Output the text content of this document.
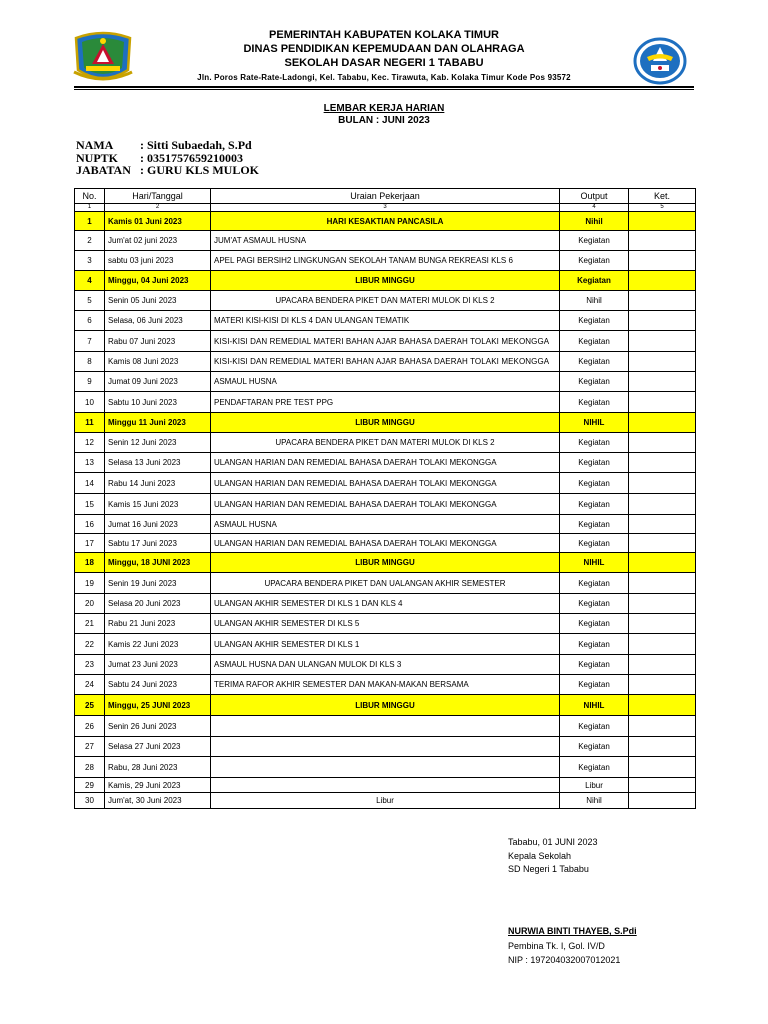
PEMERINTAH KABUPATEN KOLAKA TIMUR
DINAS PENDIDIKAN KEPEMUDAAN DAN OLAHRAGA
SEKOLAH DASAR NEGERI 1 TABABU
Jln. Poros Rate-Rate-Ladongi, Kel. Tababu, Kec. Tirawuta, Kab. Kolaka Timur Kode Pos 93572
LEMBAR KERJA HARIAN
BULAN : JUNI 2023
NAMA	: Sitti Subaedah, S.Pd
NUPTK	: 0351757659210003
JABATAN : GURU KLS MULOK
No.	Hari/Tanggal	Uraian Pekerjaan	Output	Ket.
1	2	3	4	5
1	Kamis 01 Juni 2023	HARI KESAKTIAN PANCASILA	Nihil	
2	Jum'at 02 juni 2023	JUM'AT ASMAUL HUSNA	Kegiatan	
3	sabtu 03 juni 2023	APEL PAGI BERSIH2 LINGKUNGAN SEKOLAH TANAM BUNGA REKREASI KLS 6	Kegiatan	
4	Minggu, 04 Juni 2023	LIBUR MINGGU	Kegiatan	
5	Senin 05 Juni 2023	UPACARA BENDERA PIKET DAN MATERI MULOK DI KLS 2	Nihil	
6	Selasa, 06 Juni 2023	MATERI KISI-KISI DI KLS 4 DAN ULANGAN TEMATIK	Kegiatan	
7	Rabu 07 Juni 2023	KISI-KISI DAN REMEDIAL MATERI BAHAN AJAR BAHASA DAERAH TOLAKI MEKONGGA	Kegiatan	
8	Kamis 08 Juni 2023	KISI-KISI DAN REMEDIAL MATERI BAHAN AJAR BAHASA DAERAH TOLAKI MEKONGGA	Kegiatan	
9	Jumat 09 Juni 2023	ASMAUL HUSNA	Kegiatan	
10	Sabtu 10 Juni 2023	PENDAFTARAN PRE TEST PPG	Kegiatan	
11	Minggu 11 Juni 2023	LIBUR MINGGU	NIHIL	
12	Senin 12 Juni 2023	UPACARA BENDERA PIKET DAN MATERI MULOK DI KLS 2	Kegiatan	
13	Selasa 13 Juni 2023	ULANGAN HARIAN DAN REMEDIAL BAHASA DAERAH TOLAKI MEKONGGA	Kegiatan	
14	Rabu 14 Juni 2023	ULANGAN HARIAN DAN REMEDIAL BAHASA DAERAH TOLAKI MEKONGGA	Kegiatan	
15	Kamis 15 Juni 2023	ULANGAN HARIAN DAN REMEDIAL BAHASA DAERAH TOLAKI MEKONGGA	Kegiatan	
16	Jumat 16 Juni 2023	ASMAUL HUSNA	Kegiatan	
17	Sabtu 17 Juni 2023	ULANGAN HARIAN DAN REMEDIAL BAHASA DAERAH TOLAKI MEKONGGA	Kegiatan	
18	Minggu, 18 JUNI 2023	LIBUR MINGGU	NIHIL	
19	Senin 19 Juni 2023	UPACARA BENDERA PIKET DAN UALANGAN AKHIR SEMESTER	Kegiatan	
20	Selasa 20 Juni 2023	ULANGAN AKHIR SEMESTER DI KLS 1 DAN KLS 4	Kegiatan	
21	Rabu 21 Juni 2023	ULANGAN AKHIR SEMESTER DI KLS 5	Kegiatan	
22	Kamis 22 Juni 2023	ULANGAN AKHIR SEMESTER DI KLS 1	Kegiatan	
23	Jumat 23 Juni 2023	ASMAUL HUSNA DAN ULANGAN MULOK DI KLS 3	Kegiatan	
24	Sabtu 24 Juni 2023	TERIMA RAFOR AKHIR SEMESTER DAN MAKAN-MAKAN BERSAMA	Kegiatan	
25	Minggu, 25 JUNI 2023	LIBUR MINGGU	NIHIL	
26	Senin 26 Juni 2023		Kegiatan	
27	Selasa 27 Juni 2023		Kegiatan	
28	Rabu, 28 Juni 2023		Kegiatan	
29	Kamis, 29 Juni 2023		Libur	
30	Jum'at, 30 Juni 2023	Libur	Nihil	
Tababu, 01 JUNI 2023
Kepala Sekolah
SD Negeri 1 Tababu
NURWIA BINTI THAYEB, S.Pdi
Pembina Tk. I, Gol. IV/D
NIP : 197204032007012021
